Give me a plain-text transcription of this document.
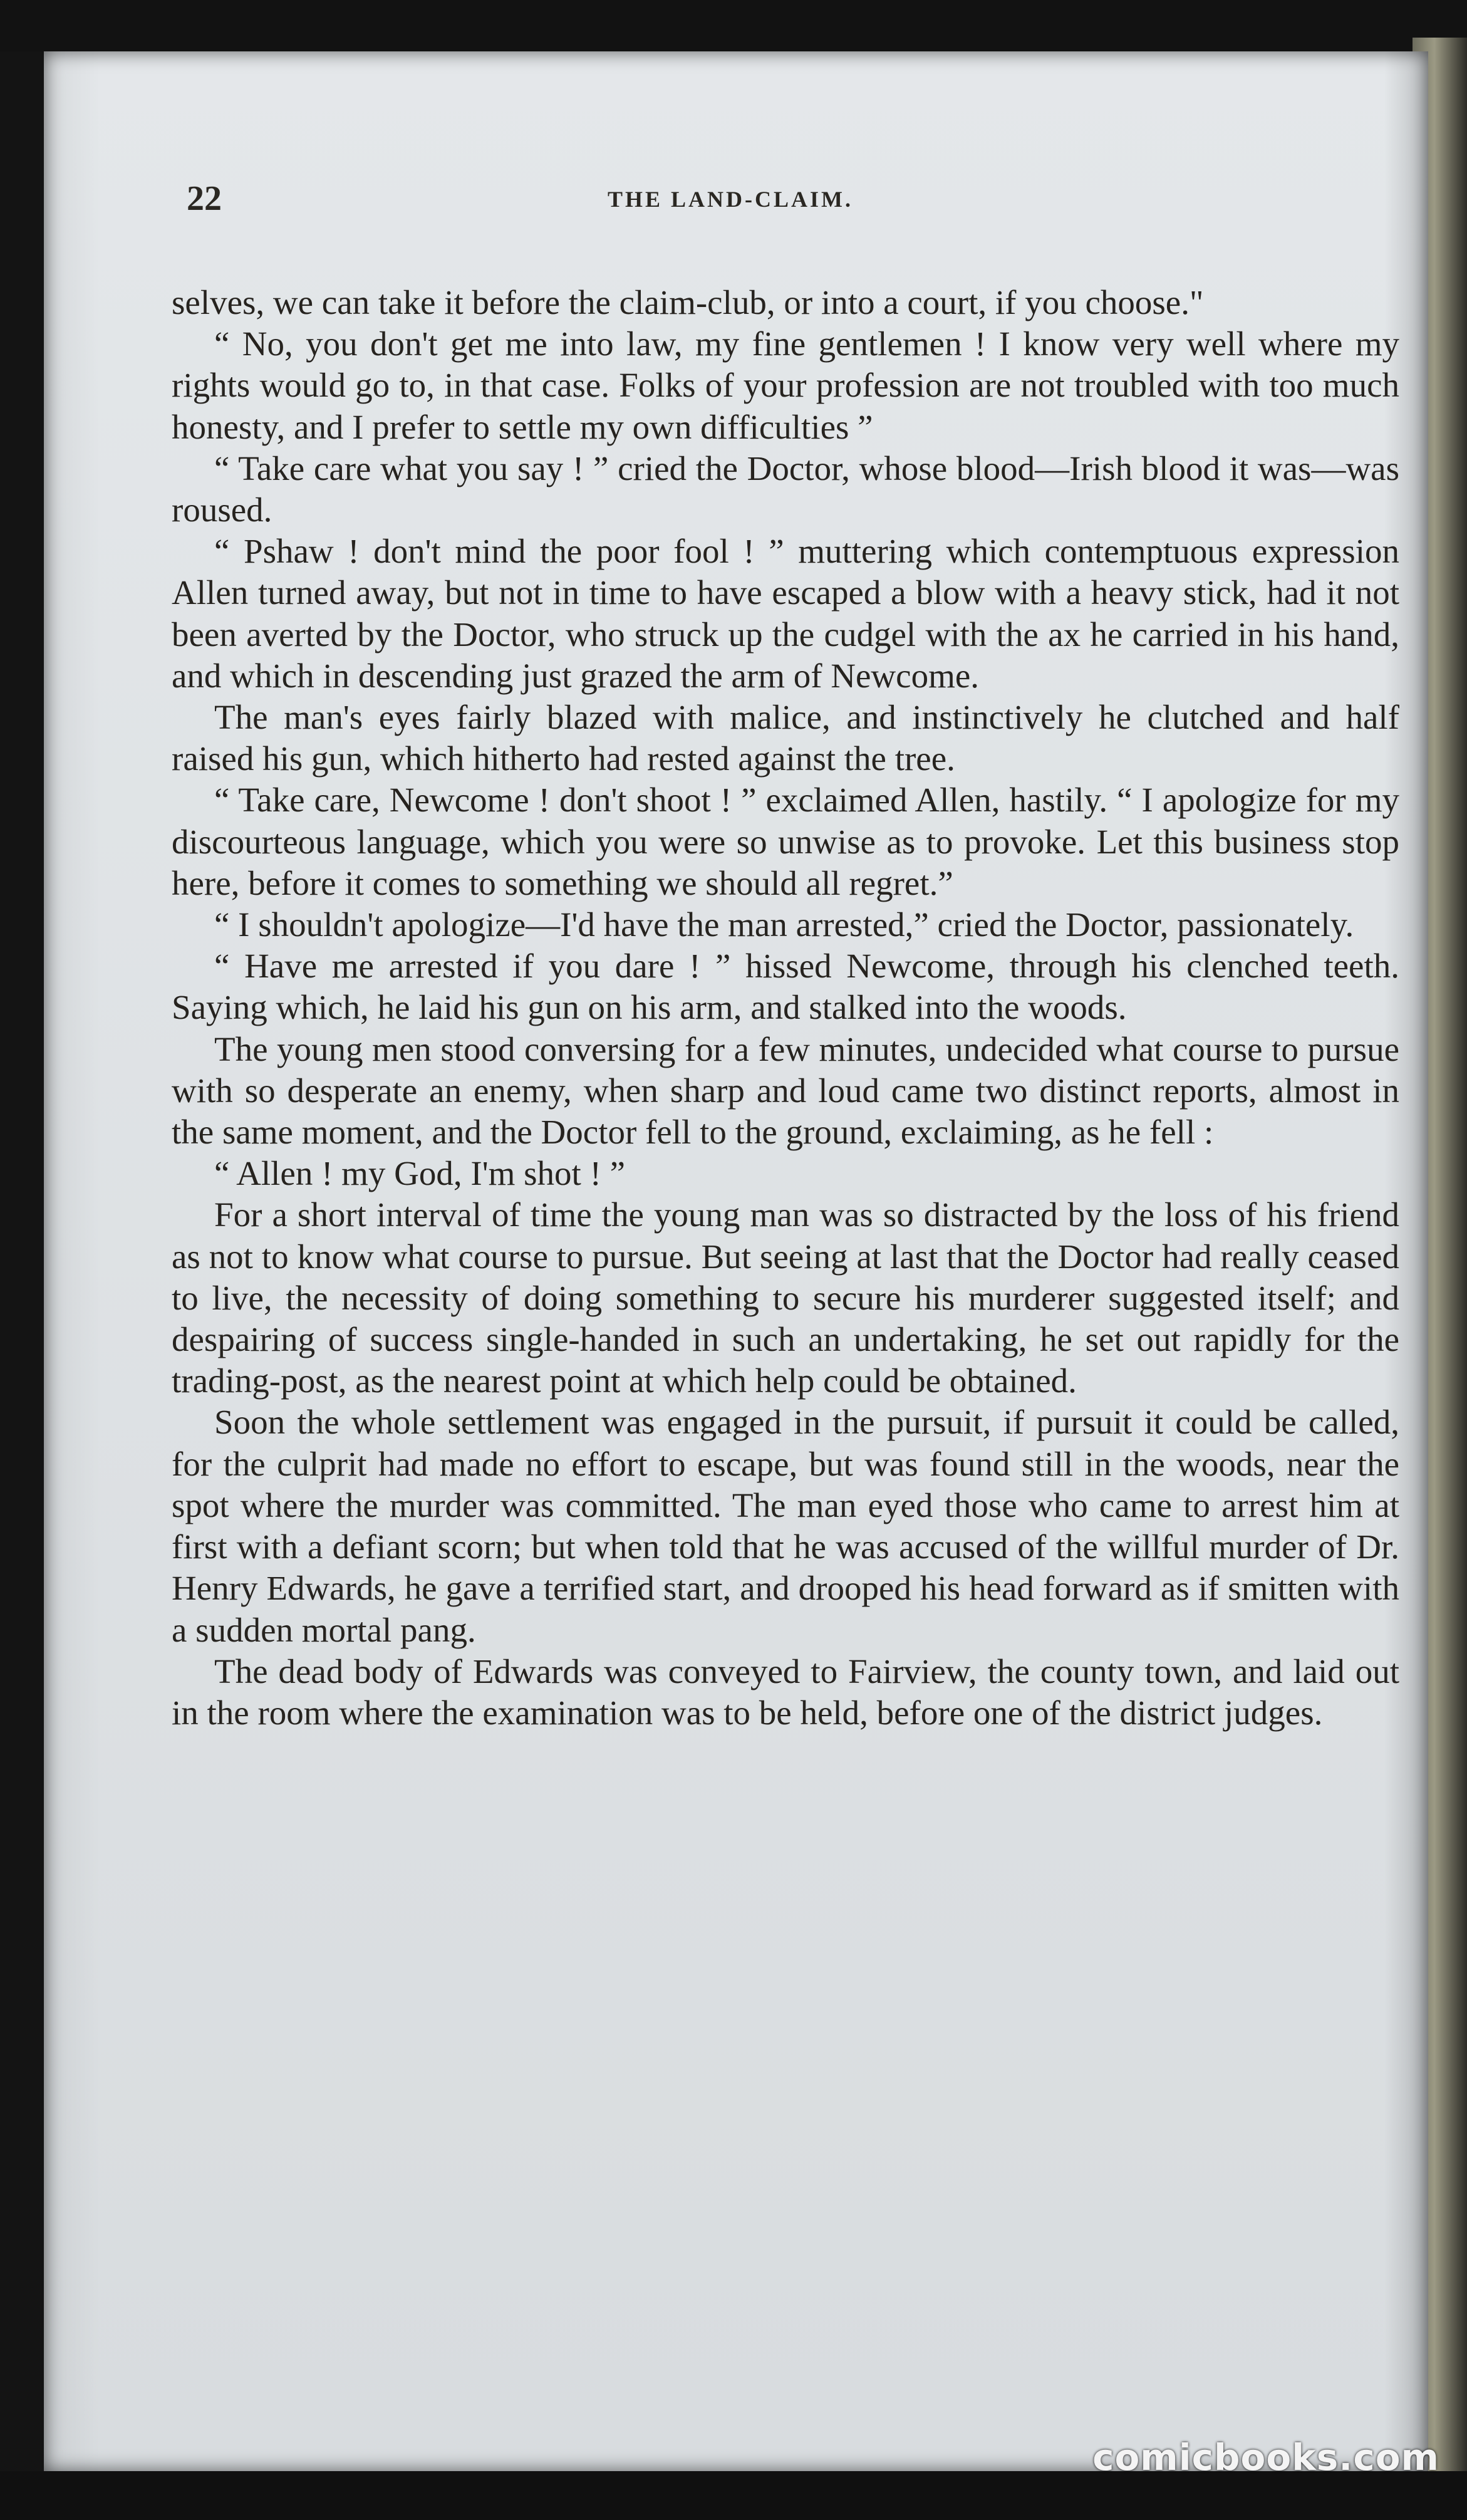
22	THE LAND-CLAIM.

selves, we can take it before the claim-club, or into a court, if you choose."

“ No, you don't get me into law, my fine gentlemen ! I know very well where my rights would go to, in that case. Folks of your profession are not troubled with too much honesty, and I prefer to settle my own difficulties ”

“ Take care what you say ! ” cried the Doctor, whose blood—Irish blood it was—was roused.

“ Pshaw ! don't mind the poor fool ! ” muttering which contemptuous expression Allen turned away, but not in time to have escaped a blow with a heavy stick, had it not been averted by the Doctor, who struck up the cudgel with the ax he carried in his hand, and which in descending just grazed the arm of Newcome.

The man's eyes fairly blazed with malice, and instinctively he clutched and half raised his gun, which hitherto had rested against the tree.

“ Take care, Newcome ! don't shoot ! ” exclaimed Allen, hastily. “ I apologize for my discourteous language, which you were so unwise as to provoke. Let this business stop here, before it comes to something we should all regret.”

“ I shouldn't apologize—I'd have the man arrested,” cried the Doctor, passionately.

“ Have me arrested if you dare ! ” hissed Newcome, through his clenched teeth. Saying which, he laid his gun on his arm, and stalked into the woods.

The young men stood conversing for a few minutes, undecided what course to pursue with so desperate an enemy, when sharp and loud came two distinct reports, almost in the same moment, and the Doctor fell to the ground, exclaiming, as he fell :

“ Allen ! my God, I'm shot ! ”

For a short interval of time the young man was so distracted by the loss of his friend as not to know what course to pursue. But seeing at last that the Doctor had really ceased to live, the necessity of doing something to secure his murderer suggested itself; and despairing of success single-handed in such an undertaking, he set out rapidly for the trading-post, as the nearest point at which help could be obtained.

Soon the whole settlement was engaged in the pursuit, if pursuit it could be called, for the culprit had made no effort to escape, but was found still in the woods, near the spot where the murder was committed. The man eyed those who came to arrest him at first with a defiant scorn; but when told that he was accused of the willful murder of Dr. Henry Edwards, he gave a terrified start, and drooped his head forward as if smitten with a sudden mortal pang.

The dead body of Edwards was conveyed to Fairview, the county town, and laid out in the room where the examination was to be held, before one of the district judges.

comicbooks.com
